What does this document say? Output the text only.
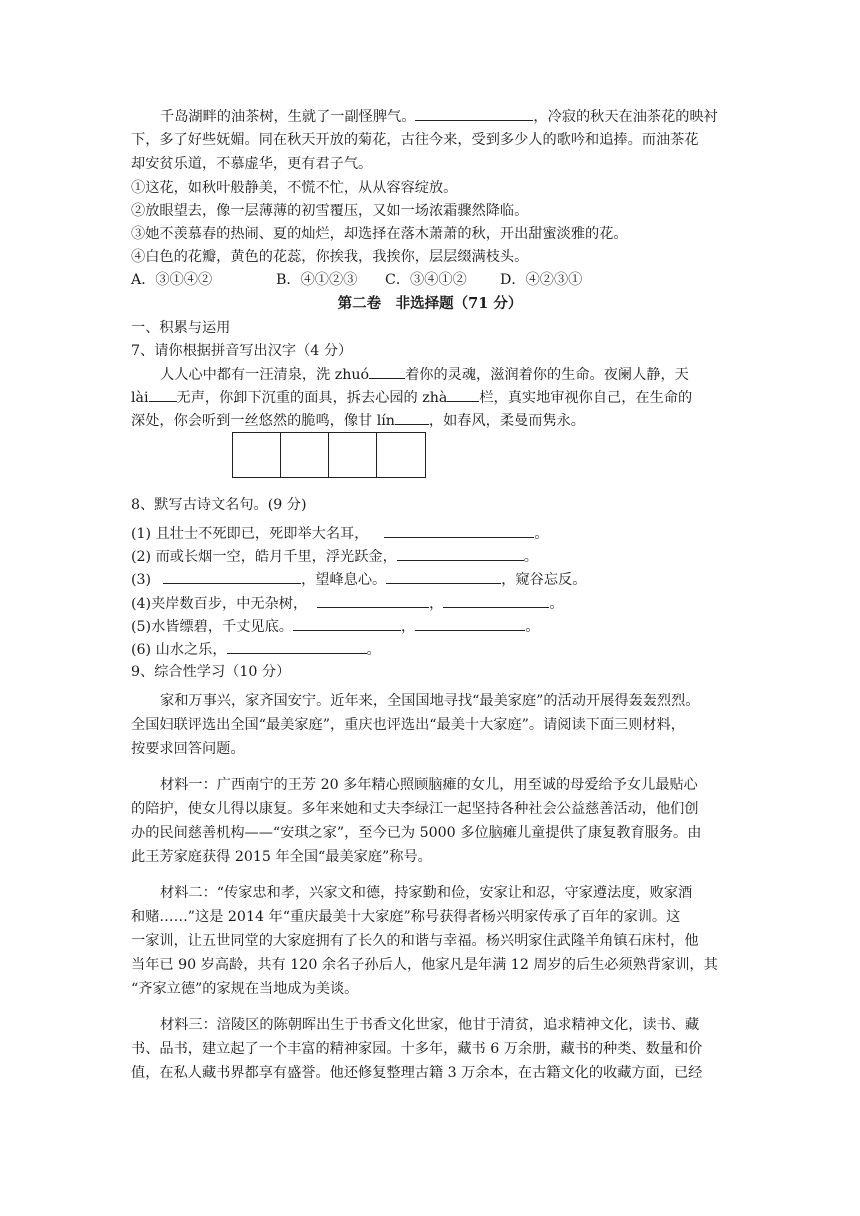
千岛湖畔的油茶树，生就了一副怪脾气。	，冷寂的秋天在油茶花的映衬
下，多了好些妩媚。同在秋天开放的菊花，古往今来，受到多少人的歌吟和追捧。而油茶花
却安贫乐道，不慕虚华，更有君子气。
①这花，如秋叶般静美，不慌不忙，从从容容绽放。
②放眼望去，像一层薄薄的初雪覆压，又如一场浓霜骤然降临。
③她不羡慕春的热闹、夏的灿烂，却选择在落木萧萧的秋，开出甜蜜淡雅的花。
④白色的花瓣，黄色的花蕊，你挨我，我挨你，层层缀满枝头。
A．③①④②	B．④①②③ C．③④①② D．④②③①
第二卷　非选择题（71 分）
一、积累与运用
7、请你根据拼音写出汉字（4 分）
人人心中都有一汪清泉，洗 zhuó	着你的灵魂，滋润着你的生命。夜阑人静，天
lài 无声，你卸下沉重的面具，拆去心园的 zhà 栏，真实地审视你自己，在生命的
深处，你会听到一丝悠然的脆鸣，像甘 lín ，如春风，柔曼而隽永。
8、默写古诗文名句。(9 分)
(1) 且壮士不死即已，死即举大名耳，	。
(2) 而或长烟一空，皓月千里，浮光跃金，	。
(3)	，望峰息心。	，窥谷忘反。
(4)夹岸数百步，中无杂树，	，	。
(5)水皆缥碧，千丈见底。	，	。
(6) 山水之乐，	。
9、综合性学习（10 分）
家和万事兴，家齐国安宁。近年来，全国国地寻找“最美家庭”的活动开展得轰轰烈烈。
全国妇联评选出全国“最美家庭”，重庆也评选出“最美十大家庭”。请阅读下面三则材料，
按要求回答问题。
材料一：广西南宁的王芳 20 多年精心照顾脑瘫的女儿，用至诚的母爱给予女儿最贴心
的陪护，使女儿得以康复。多年来她和丈夫李绿江一起坚持各种社会公益慈善活动，他们创
办的民间慈善机构——“安琪之家”，至今已为 5000 多位脑瘫儿童提供了康复教育服务。由
此王芳家庭获得 2015 年全国“最美家庭”称号。
材料二：“传家忠和孝，兴家文和德，持家勤和俭，安家让和忍，守家遵法度，败家酒
和赌……”这是 2014 年“重庆最美十大家庭”称号获得者杨兴明家传承了百年的家训。这
一家训，让五世同堂的大家庭拥有了长久的和谐与幸福。杨兴明家住武隆羊角镇石床村，他
当年已 90 岁高龄，共有 120 余名子孙后人，他家凡是年满 12 周岁的后生必须熟背家训，其
“齐家立德”的家规在当地成为美谈。
材料三：涪陵区的陈朝晖出生于书香文化世家，他甘于清贫，追求精神文化，读书、藏
书、品书，建立起了一个丰富的精神家园。十多年，藏书 6 万余册，藏书的种类、数量和价
值，在私人藏书界都享有盛誉。他还修复整理古籍 3 万余本，在古籍文化的收藏方面，已经
